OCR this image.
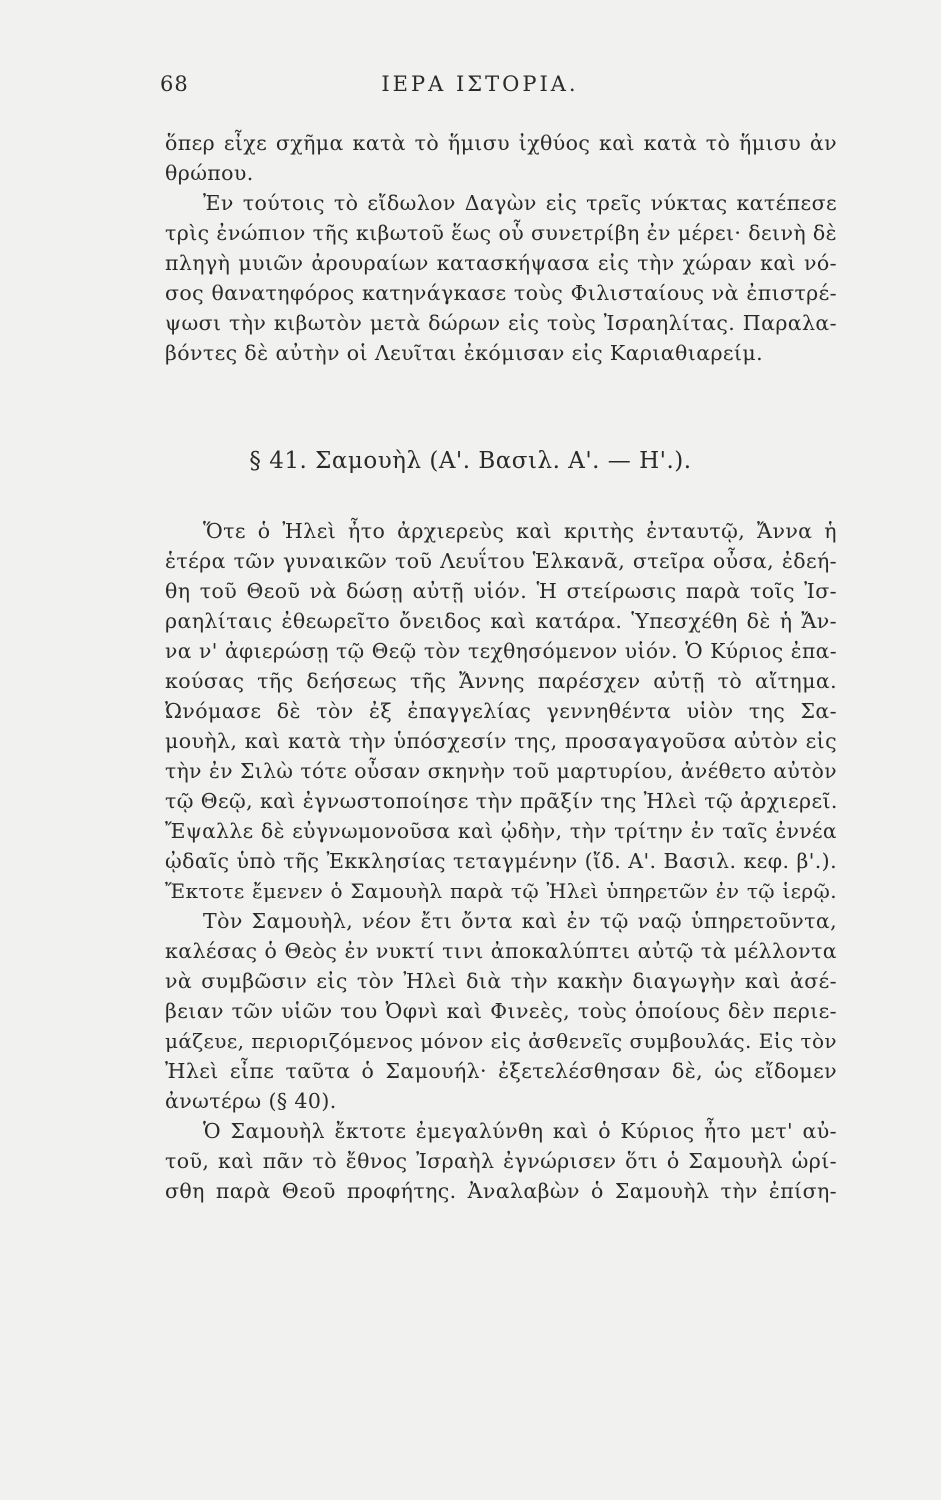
68	ΙΕΡΑ ΙΣΤΟΡΙΑ.
ὅπερ εἶχε σχῆμα κατὰ τὸ ἥμισυ ἰχθύος καὶ κατὰ τὸ ἥμισυ ἀν
θρώπου.
Ἐν τούτοις τὸ εἴδωλον Δαγὼν εἰς τρεῖς νύκτας κατέπεσε
τρὶς ἐνώπιον τῆς κιβωτοῦ ἕως οὗ συνετρίβη ἐν μέρει· δεινὴ δὲ
πληγὴ μυιῶν ἀρουραίων κατασκήψασα εἰς τὴν χώραν καὶ νό-
σος θανατηφόρος κατηνάγκασε τοὺς Φιλισταίους νὰ ἐπιστρέ-
ψωσι τὴν κιβωτὸν μετὰ δώρων εἰς τοὺς Ἰσραηλίτας. Παραλα-
βόντες δὲ αὐτὴν οἱ Λευῖται ἐκόμισαν εἰς Καριαθιαρείμ.
§ 41. Σαμουὴλ (Α'. Βασιλ. Α'. — Η'.).
Ὅτε ὁ Ἠλεὶ ἦτο ἀρχιερεὺς καὶ κριτὴς ἐνταυτῷ, Ἄννα ἡ
ἑτέρα τῶν γυναικῶν τοῦ Λευΐτου Ἑλκανᾶ, στεῖρα οὖσα, ἐδεή-
θη τοῦ Θεοῦ νὰ δώσῃ αὐτῇ υἱόν. Ἡ στείρωσις παρὰ τοῖς Ἰσ-
ραηλίταις ἐθεωρεῖτο ὄνειδος καὶ κατάρα. Ὑπεσχέθη δὲ ἡ Ἄν-
να ν' ἀφιερώσῃ τῷ Θεῷ τὸν τεχθησόμενον υἱόν. Ὁ Κύριος ἐπα-
κούσας τῆς δεήσεως τῆς Ἄννης παρέσχεν αὐτῇ τὸ αἴτημα.
Ὠνόμασε δὲ τὸν ἐξ ἐπαγγελίας γεννηθέντα υἱὸν της Σα-
μουὴλ, καὶ κατὰ τὴν ὑπόσχεσίν της, προσαγαγοῦσα αὐτὸν εἰς
τὴν ἐν Σιλὼ τότε οὖσαν σκηνὴν τοῦ μαρτυρίου, ἀνέθετο αὐτὸν
τῷ Θεῷ, καὶ ἐγνωστοποίησε τὴν πρᾶξίν της Ἠλεὶ τῷ ἀρχιερεῖ.
Ἔψαλλε δὲ εὐγνωμονοῦσα καὶ ᾠδὴν, τὴν τρίτην ἐν ταῖς ἐννέα
ᾠδαῖς ὑπὸ τῆς Ἐκκλησίας τεταγμένην (ἴδ. Α'. Βασιλ. κεφ. β'.).
Ἔκτοτε ἔμενεν ὁ Σαμουὴλ παρὰ τῷ Ἠλεὶ ὑπηρετῶν ἐν τῷ ἱερῷ.
Τὸν Σαμουὴλ, νέον ἔτι ὄντα καὶ ἐν τῷ ναῷ ὑπηρετοῦντα,
καλέσας ὁ Θεὸς ἐν νυκτί τινι ἀποκαλύπτει αὐτῷ τὰ μέλλοντα
νὰ συμβῶσιν εἰς τὸν Ἠλεὶ διὰ τὴν κακὴν διαγωγὴν καὶ ἀσέ-
βειαν τῶν υἱῶν του Ὀφνὶ καὶ Φινεὲς, τοὺς ὁποίους δὲν περιε-
μάζευε, περιοριζόμενος μόνον εἰς ἀσθενεῖς συμβουλάς. Εἰς τὸν
Ἠλεὶ εἶπε ταῦτα ὁ Σαμουήλ· ἐξετελέσθησαν δὲ, ὡς εἴδομεν
ἀνωτέρω (§ 40).
Ὁ Σαμουὴλ ἔκτοτε ἐμεγαλύνθη καὶ ὁ Κύριος ἦτο μετ' αὐ-
τοῦ, καὶ πᾶν τὸ ἔθνος Ἰσραὴλ ἐγνώρισεν ὅτι ὁ Σαμουὴλ ὡρί-
σθη παρὰ Θεοῦ προφήτης. Ἀναλαβὼν ὁ Σαμουὴλ τὴν ἐπίση-
